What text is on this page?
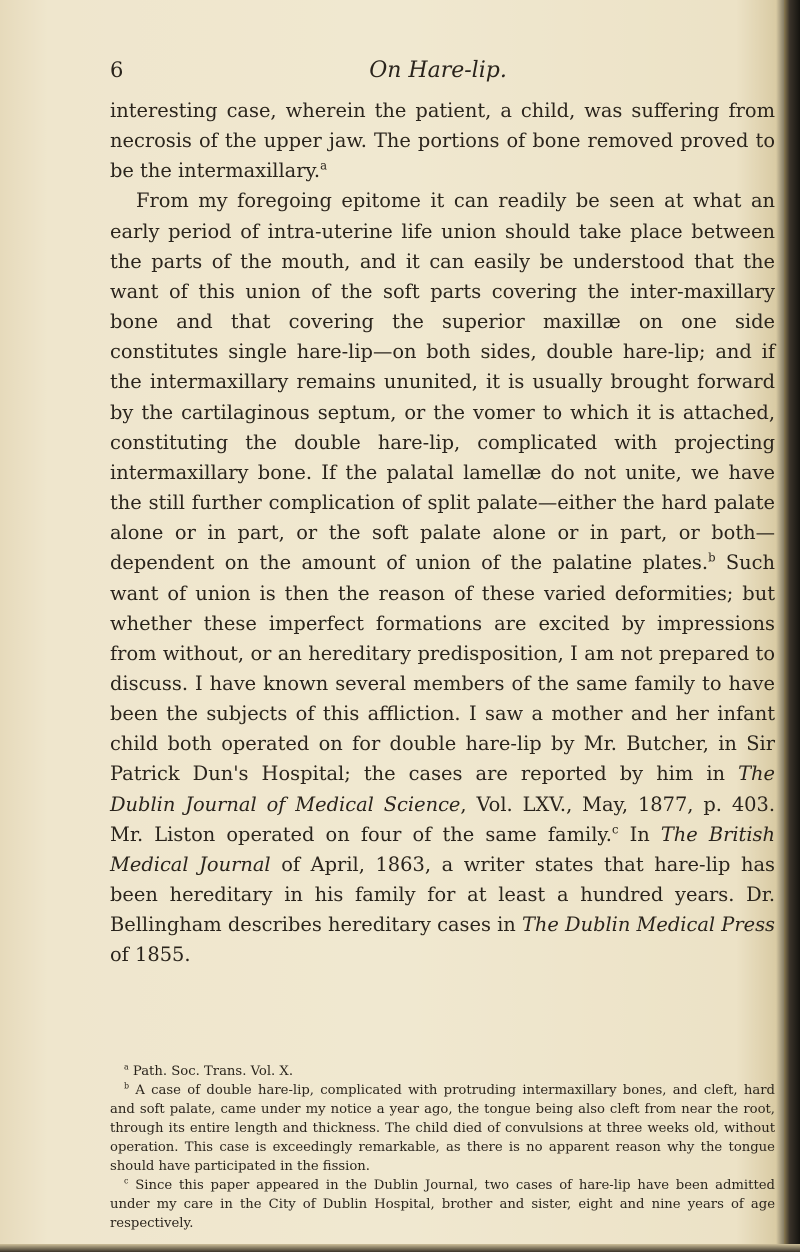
6	On Hare-lip.

interesting case, wherein the patient, a child, was suffering from necrosis of the upper jaw. The portions of bone removed proved to be the intermaxillary.$^a$

From my foregoing epitome it can readily be seen at what an early period of intra-uterine life union should take place between the parts of the mouth, and it can easily be understood that the want of this union of the soft parts covering the inter-maxillary bone and that covering the superior maxillæ on one side constitutes single hare-lip—on both sides, double hare-lip; and if the intermaxillary remains ununited, it is usually brought forward by the cartilaginous septum, or the vomer to which it is attached, constituting the double hare-lip, complicated with projecting intermaxillary bone. If the palatal lamellæ do not unite, we have the still further complication of split palate—either the hard palate alone or in part, or the soft palate alone or in part, or both—dependent on the amount of union of the palatine plates.$^b$ Such want of union is then the reason of these varied deformities; but whether these imperfect formations are excited by impressions from without, or an hereditary predisposition, I am not prepared to discuss. I have known several members of the same family to have been the subjects of this affliction. I saw a mother and her infant child both operated on for double hare-lip by Mr. Butcher, in Sir Patrick Dun's Hospital; the cases are reported by him in The Dublin Journal of Medical Science, Vol. LXV., May, 1877, p. 403. Mr. Liston operated on four of the same family.$^c$ In The British Medical Journal of April, 1863, a writer states that hare-lip has been hereditary in his family for at least a hundred years. Dr. Bellingham describes hereditary cases in The Dublin Medical Press of 1855.

$^a$ Path. Soc. Trans. Vol. X.

$^b$ A case of double hare-lip, complicated with protruding intermaxillary bones, and cleft, hard and soft palate, came under my notice a year ago, the tongue being also cleft from near the root, through its entire length and thickness. The child died of convulsions at three weeks old, without operation. This case is exceedingly remarkable, as there is no apparent reason why the tongue should have participated in the fission.

$^c$ Since this paper appeared in the Dublin Journal, two cases of hare-lip have been admitted under my care in the City of Dublin Hospital, brother and sister, eight and nine years of age respectively.
